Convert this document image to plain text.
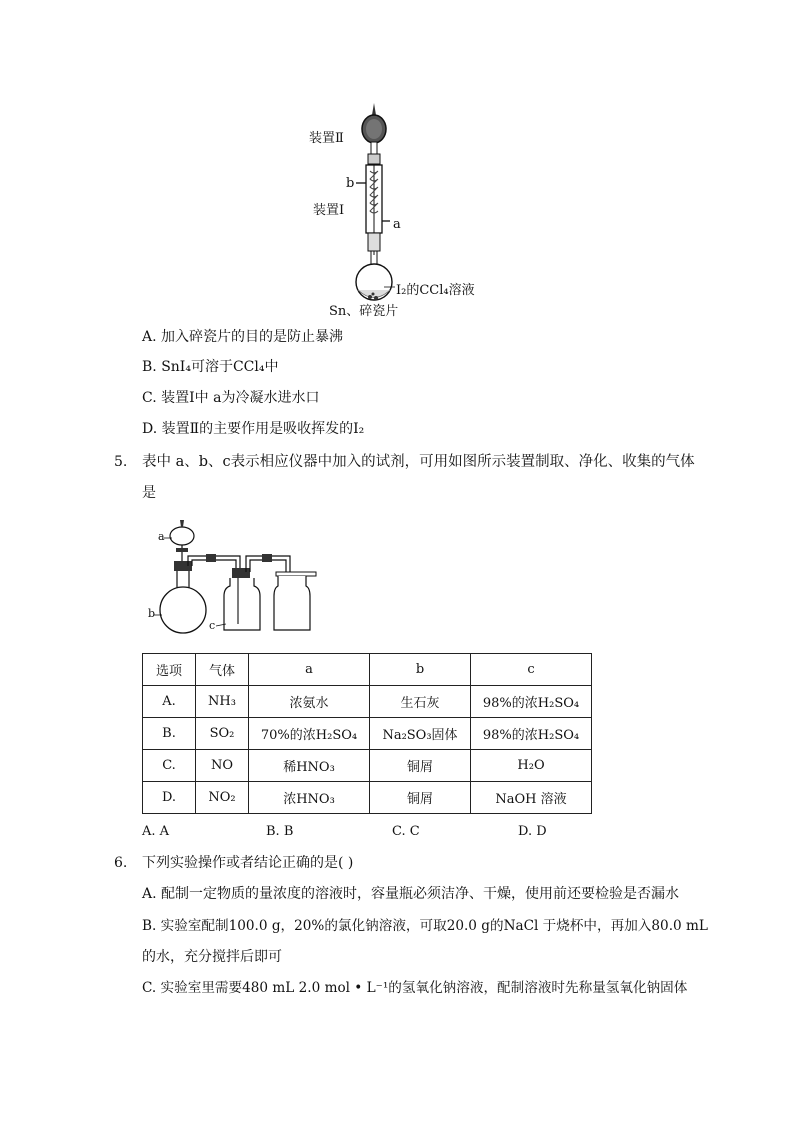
装置Ⅱ
b
装置Ⅰ
a
I₂的CCl₄溶液
Sn、碎瓷片
A. 加入碎瓷片的目的是防止暴沸
B. SnI₄可溶于CCl₄中
C. 装置Ⅰ中 a为冷凝水进水口
D. 装置Ⅱ的主要作用是吸收挥发的I₂
5. 表中 a、b、c表示相应仪器中加入的试剂，可用如图所示装置制取、净化、收集的气体
是
a
b
c
选项	气体	a	b	c
A.	NH₃	浓氨水	生石灰	98%的浓H₂SO₄
B.	SO₂	70%的浓H₂SO₄	Na₂SO₃固体	98%的浓H₂SO₄
C.	NO	稀HNO₃	铜屑	H₂O
D.	NO₂	浓HNO₃	铜屑	NaOH 溶液
A. A	B. B	C. C	D. D
6. 下列实验操作或者结论正确的是( )
A. 配制一定物质的量浓度的溶液时，容量瓶必须洁净、干燥，使用前还要检验是否漏水
B. 实验室配制100.0 g，20%的氯化钠溶液，可取20.0 g的NaCl 于烧杯中，再加入80.0 mL
的水，充分搅拌后即可
C. 实验室里需要480 mL 2.0 mol • L⁻¹的氢氧化钠溶液，配制溶液时先称量氢氧化钠固体
